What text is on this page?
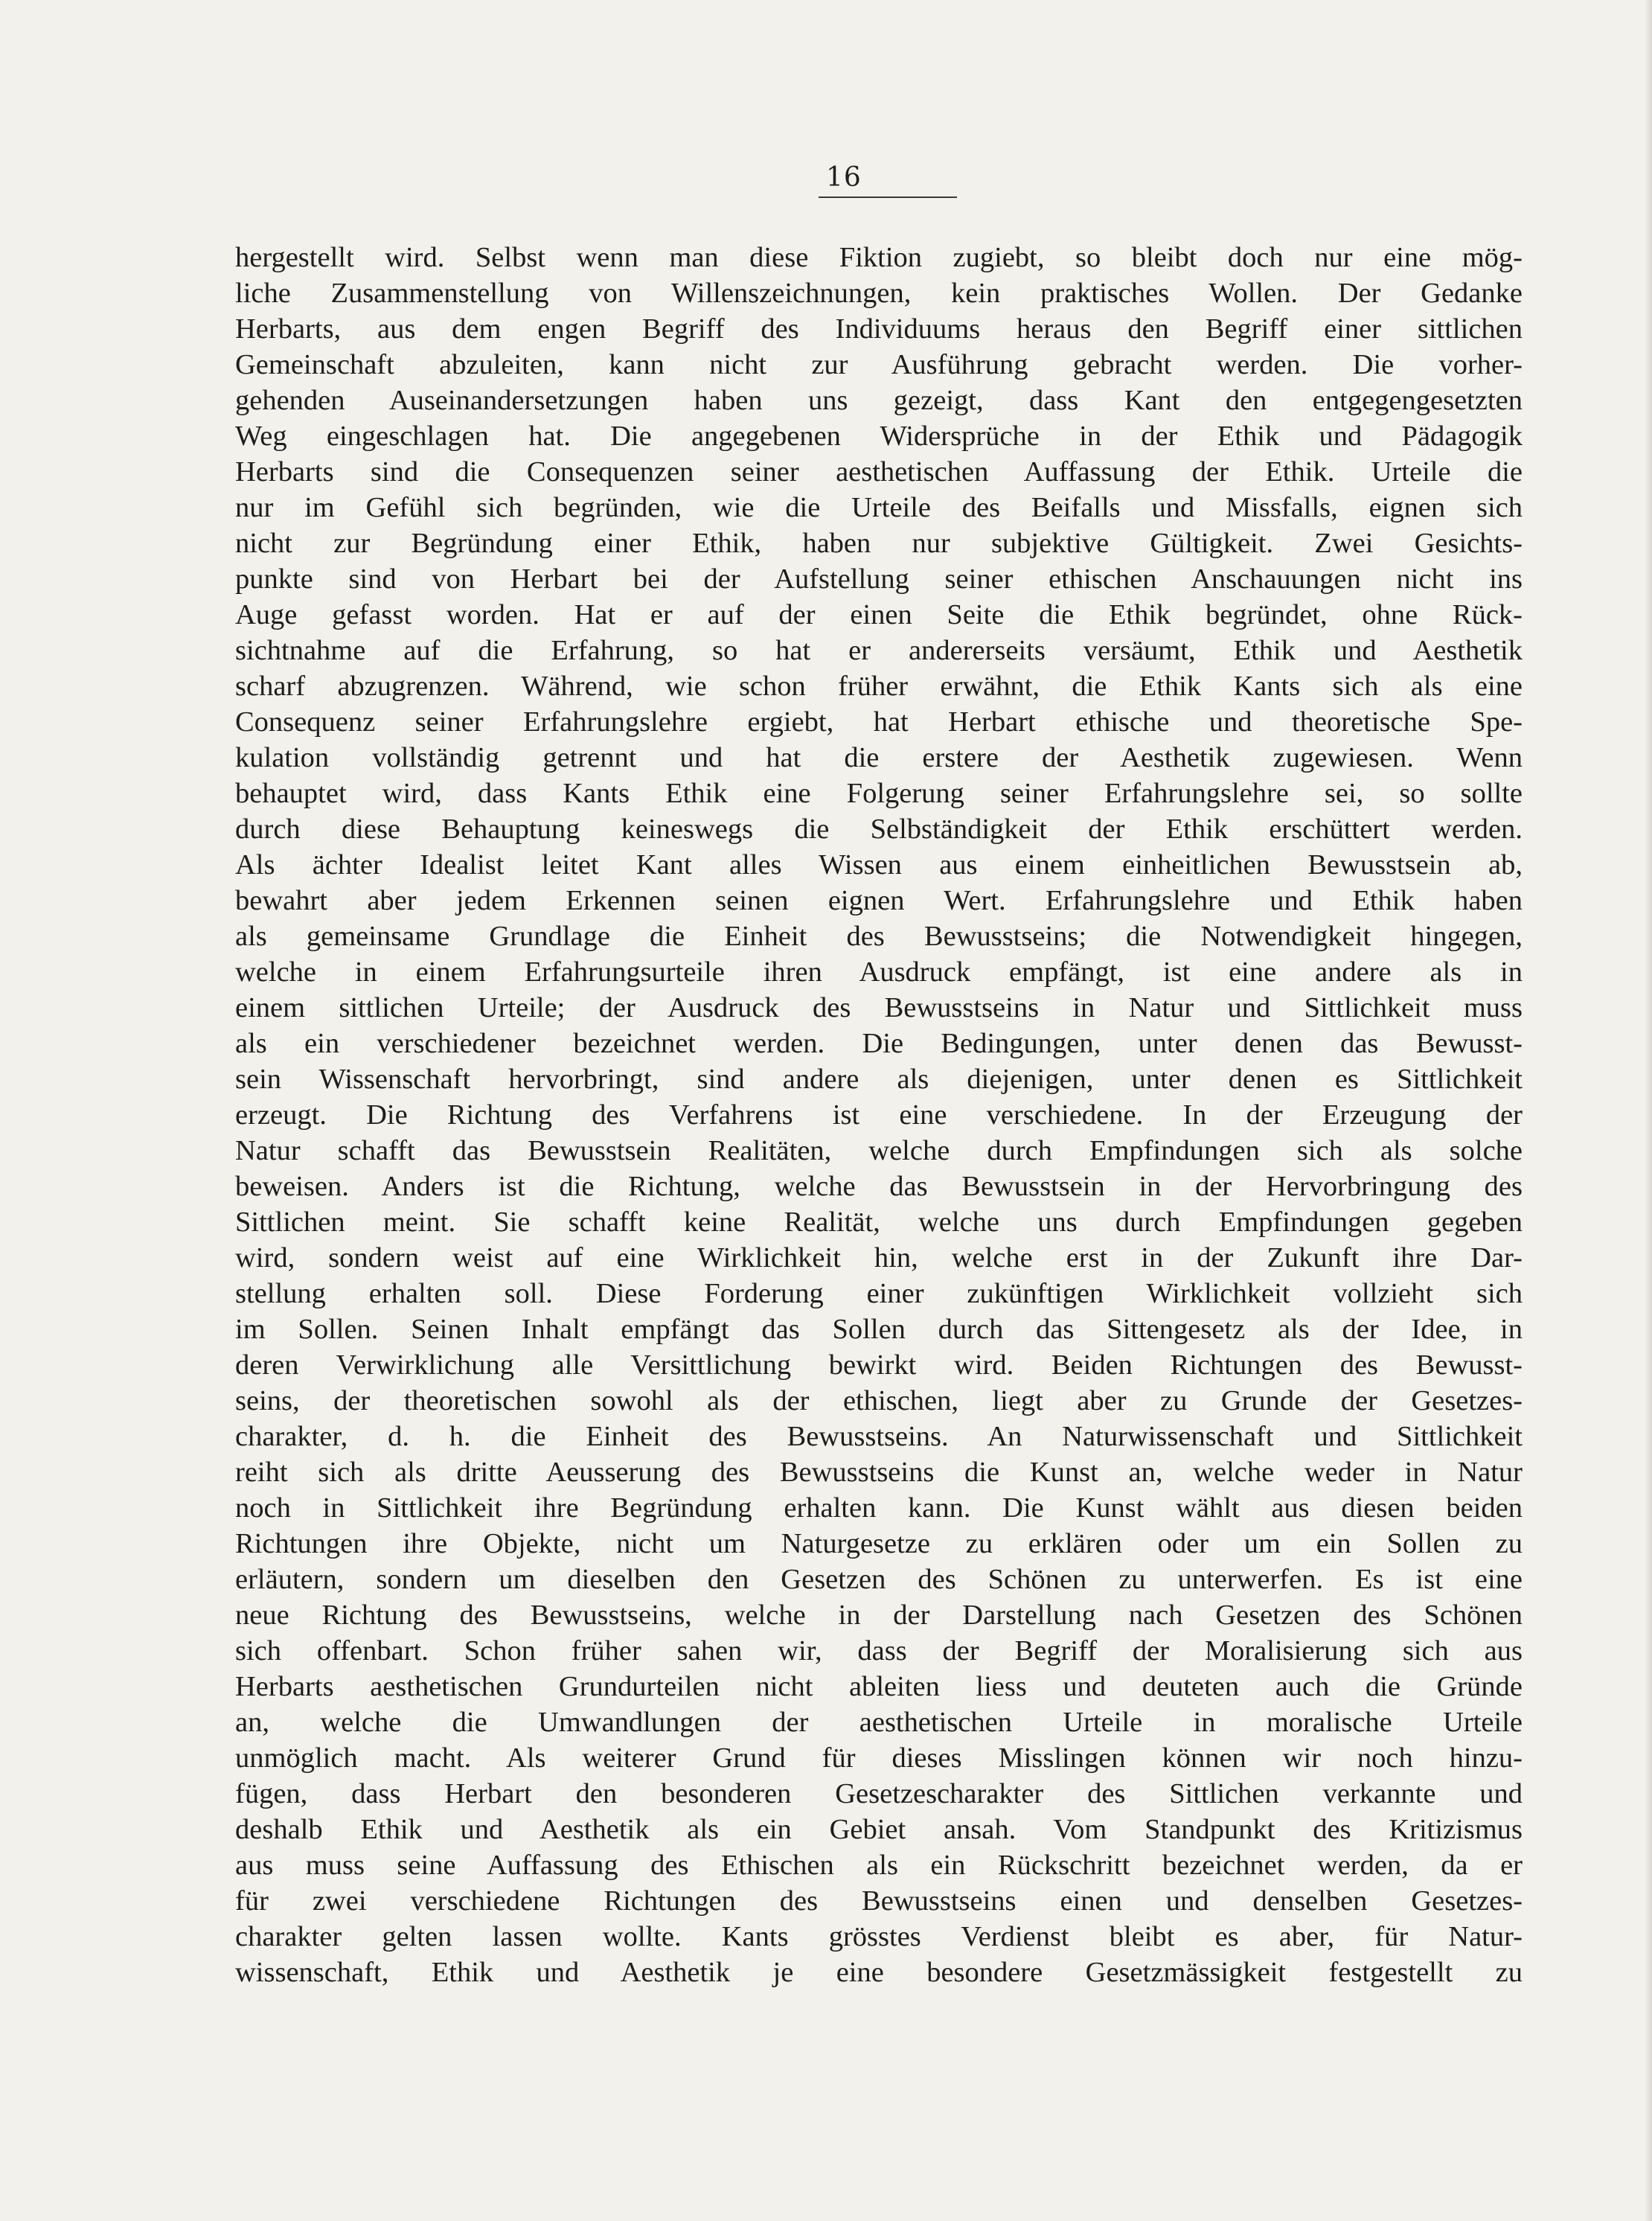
16
hergestellt wird. Selbst wenn man diese Fiktion zugiebt, so bleibt doch nur eine mög-
liche Zusammenstellung von Willenszeichnungen, kein praktisches Wollen. Der Gedanke
Herbarts, aus dem engen Begriff des Individuums heraus den Begriff einer sittlichen
Gemeinschaft abzuleiten, kann nicht zur Ausführung gebracht werden. Die vorher-
gehenden Auseinandersetzungen haben uns gezeigt, dass Kant den entgegengesetzten
Weg eingeschlagen hat. Die angegebenen Widersprüche in der Ethik und Pädagogik
Herbarts sind die Consequenzen seiner aesthetischen Auffassung der Ethik. Urteile die
nur im Gefühl sich begründen, wie die Urteile des Beifalls und Missfalls, eignen sich
nicht zur Begründung einer Ethik, haben nur subjektive Gültigkeit. Zwei Gesichts-
punkte sind von Herbart bei der Aufstellung seiner ethischen Anschauungen nicht ins
Auge gefasst worden. Hat er auf der einen Seite die Ethik begründet, ohne Rück-
sichtnahme auf die Erfahrung, so hat er andererseits versäumt, Ethik und Aesthetik
scharf abzugrenzen. Während, wie schon früher erwähnt, die Ethik Kants sich als eine
Consequenz seiner Erfahrungslehre ergiebt, hat Herbart ethische und theoretische Spe-
kulation vollständig getrennt und hat die erstere der Aesthetik zugewiesen. Wenn
behauptet wird, dass Kants Ethik eine Folgerung seiner Erfahrungslehre sei, so sollte
durch diese Behauptung keineswegs die Selbständigkeit der Ethik erschüttert werden.
Als ächter Idealist leitet Kant alles Wissen aus einem einheitlichen Bewusstsein ab,
bewahrt aber jedem Erkennen seinen eignen Wert. Erfahrungslehre und Ethik haben
als gemeinsame Grundlage die Einheit des Bewusstseins; die Notwendigkeit hingegen,
welche in einem Erfahrungsurteile ihren Ausdruck empfängt, ist eine andere als in
einem sittlichen Urteile; der Ausdruck des Bewusstseins in Natur und Sittlichkeit muss
als ein verschiedener bezeichnet werden. Die Bedingungen, unter denen das Bewusst-
sein Wissenschaft hervorbringt, sind andere als diejenigen, unter denen es Sittlichkeit
erzeugt. Die Richtung des Verfahrens ist eine verschiedene. In der Erzeugung der
Natur schafft das Bewusstsein Realitäten, welche durch Empfindungen sich als solche
beweisen. Anders ist die Richtung, welche das Bewusstsein in der Hervorbringung des
Sittlichen meint. Sie schafft keine Realität, welche uns durch Empfindungen gegeben
wird, sondern weist auf eine Wirklichkeit hin, welche erst in der Zukunft ihre Dar-
stellung erhalten soll. Diese Forderung einer zukünftigen Wirklichkeit vollzieht sich
im Sollen. Seinen Inhalt empfängt das Sollen durch das Sittengesetz als der Idee, in
deren Verwirklichung alle Versittlichung bewirkt wird. Beiden Richtungen des Bewusst-
seins, der theoretischen sowohl als der ethischen, liegt aber zu Grunde der Gesetzes-
charakter, d. h. die Einheit des Bewusstseins. An Naturwissenschaft und Sittlichkeit
reiht sich als dritte Aeusserung des Bewusstseins die Kunst an, welche weder in Natur
noch in Sittlichkeit ihre Begründung erhalten kann. Die Kunst wählt aus diesen beiden
Richtungen ihre Objekte, nicht um Naturgesetze zu erklären oder um ein Sollen zu
erläutern, sondern um dieselben den Gesetzen des Schönen zu unterwerfen. Es ist eine
neue Richtung des Bewusstseins, welche in der Darstellung nach Gesetzen des Schönen
sich offenbart. Schon früher sahen wir, dass der Begriff der Moralisierung sich aus
Herbarts aesthetischen Grundurteilen nicht ableiten liess und deuteten auch die Gründe
an, welche die Umwandlungen der aesthetischen Urteile in moralische Urteile
unmöglich macht. Als weiterer Grund für dieses Misslingen können wir noch hinzu-
fügen, dass Herbart den besonderen Gesetzescharakter des Sittlichen verkannte und
deshalb Ethik und Aesthetik als ein Gebiet ansah. Vom Standpunkt des Kritizismus
aus muss seine Auffassung des Ethischen als ein Rückschritt bezeichnet werden, da er
für zwei verschiedene Richtungen des Bewusstseins einen und denselben Gesetzes-
charakter gelten lassen wollte. Kants grösstes Verdienst bleibt es aber, für Natur-
wissenschaft, Ethik und Aesthetik je eine besondere Gesetzmässigkeit festgestellt zu
